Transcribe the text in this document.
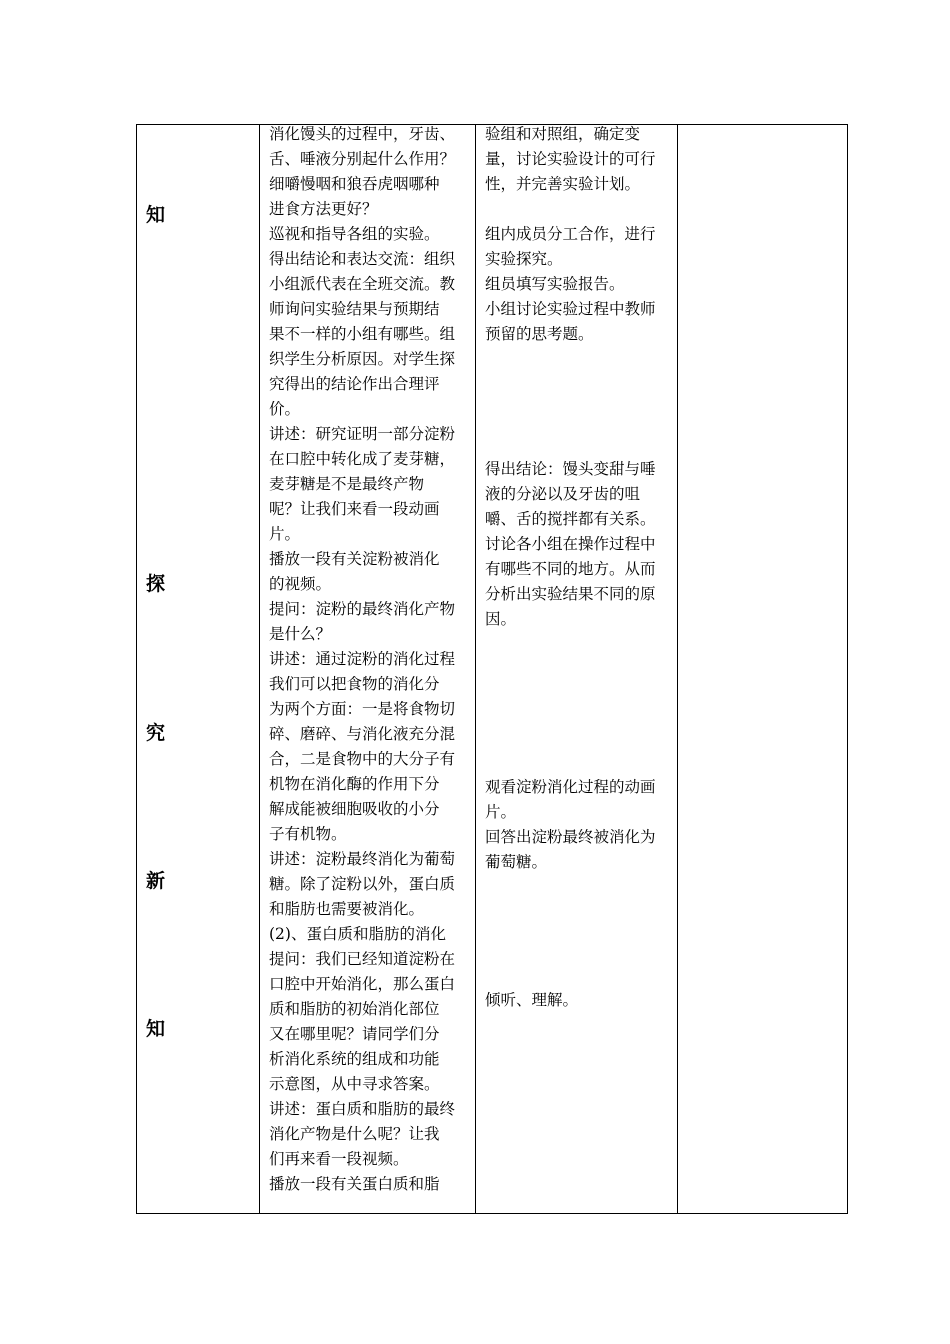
知
探
究
新
知
消化馒头的过程中，牙齿、
舌、唾液分别起什么作用？
细嚼慢咽和狼吞虎咽哪种
进食方法更好？
巡视和指导各组的实验。
得出结论和表达交流：组织
小组派代表在全班交流。教
师询问实验结果与预期结
果不一样的小组有哪些。组
织学生分析原因。对学生探
究得出的结论作出合理评
价。
讲述：研究证明一部分淀粉
在口腔中转化成了麦芽糖，
麦芽糖是不是最终产物
呢？让我们来看一段动画
片。
播放一段有关淀粉被消化
的视频。
提问：淀粉的最终消化产物
是什么？
讲述：通过淀粉的消化过程
我们可以把食物的消化分
为两个方面：一是将食物切
碎、磨碎、与消化液充分混
合，二是食物中的大分子有
机物在消化酶的作用下分
解成能被细胞吸收的小分
子有机物。
讲述：淀粉最终消化为葡萄
糖。除了淀粉以外，蛋白质
和脂肪也需要被消化。
(2)、蛋白质和脂肪的消化
提问：我们已经知道淀粉在
口腔中开始消化，那么蛋白
质和脂肪的初始消化部位
又在哪里呢？请同学们分
析消化系统的组成和功能
示意图，从中寻求答案。
讲述：蛋白质和脂肪的最终
消化产物是什么呢？让我
们再来看一段视频。
播放一段有关蛋白质和脂
验组和对照组，确定变
量，讨论实验设计的可行
性，并完善实验计划。
组内成员分工合作，进行
实验探究。
组员填写实验报告。
小组讨论实验过程中教师
预留的思考题。
得出结论：馒头变甜与唾
液的分泌以及牙齿的咀
嚼、舌的搅拌都有关系。
讨论各小组在操作过程中
有哪些不同的地方。从而
分析出实验结果不同的原
因。
观看淀粉消化过程的动画
片。
回答出淀粉最终被消化为
葡萄糖。
倾听、理解。
